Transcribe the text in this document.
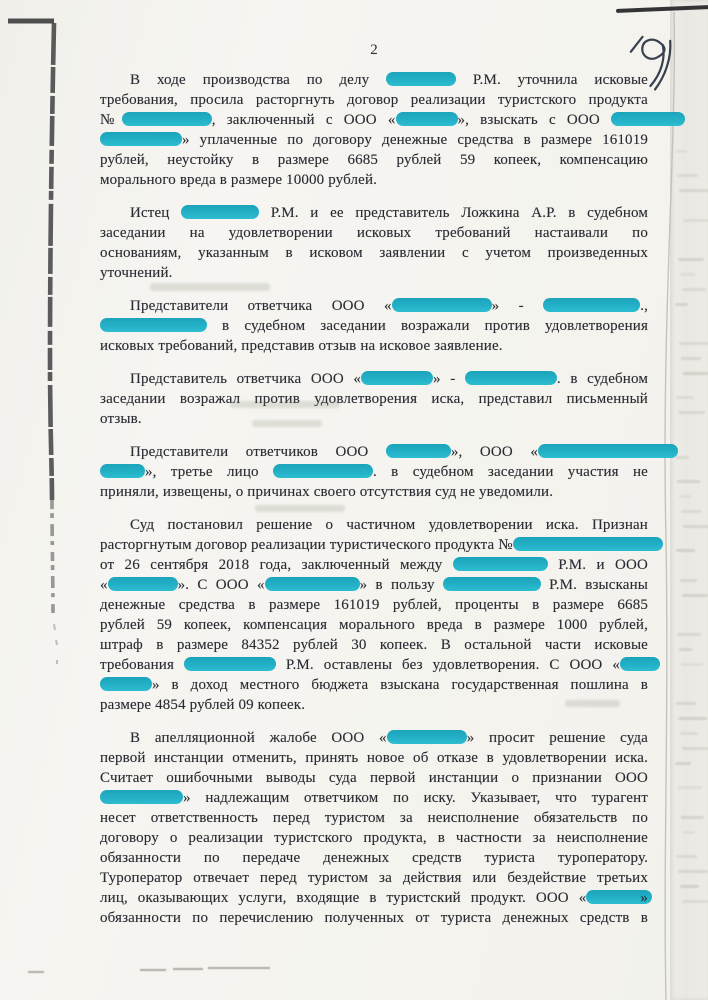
2
В ходе производства по делу	Р.М. уточнила исковые
требования, просила расторгнуть договор реализации туристского продукта
№	, заключенный с ООО «	», взыскать с ООО
» уплаченные по договору денежные средства в размере 161019
рублей, неустойку в размере 6685 рублей 59 копеек, компенсацию
морального вреда в размере 10000 рублей.
Истец	Р.М. и ее представитель Ложкина А.Р. в судебном
заседании на удовлетворении исковых требований настаивали по
основаниям, указанным в исковом заявлении с учетом произведенных
уточнений.
Представители ответчика ООО «	» -	.,
в судебном заседании возражали против удовлетворения
исковых требований, представив отзыв на исковое заявление.
Представитель ответчика ООО «	» -	. в судебном
заседании возражал против удовлетворения иска, представил письменный
отзыв.
Представители ответчиков ООО	», ООО «
», третье лицо	. в судебном заседании участия не
приняли, извещены, о причинах своего отсутствия суд не уведомили.
Суд постановил решение о частичном удовлетворении иска. Признан
расторгнутым договор реализации туристического продукта №
от 26 сентября 2018 года, заключенный между	Р.М. и ООО
«	». С ООО «	» в пользу	Р.М. взысканы
денежные средства в размере 161019 рублей, проценты в размере 6685
рублей 59 копеек, компенсация морального вреда в размере 1000 рублей,
штраф в размере 84352 рублей 30 копеек. В остальной части исковые
требования	Р.М. оставлены без удовлетворения. С ООО «
» в доход местного бюджета взыскана государственная пошлина в
размере 4854 рублей 09 копеек.
В апелляционной жалобе ООО «	» просит решение суда
первой инстанции отменить, принять новое об отказе в удовлетворении иска.
Считает ошибочными выводы суда первой инстанции о признании ООО
» надлежащим ответчиком по иску. Указывает, что турагент
несет ответственность перед туристом за неисполнение обязательств по
договору о реализации туристского продукта, в частности за неисполнение
обязанности по передаче денежных средств туриста туроператору.
Туроператор отвечает перед туристом за действия или бездействие третьих
лиц, оказывающих услуги, входящие в туристский продукт. ООО «	»
обязанности по перечислению полученных от туриста денежных средств в
